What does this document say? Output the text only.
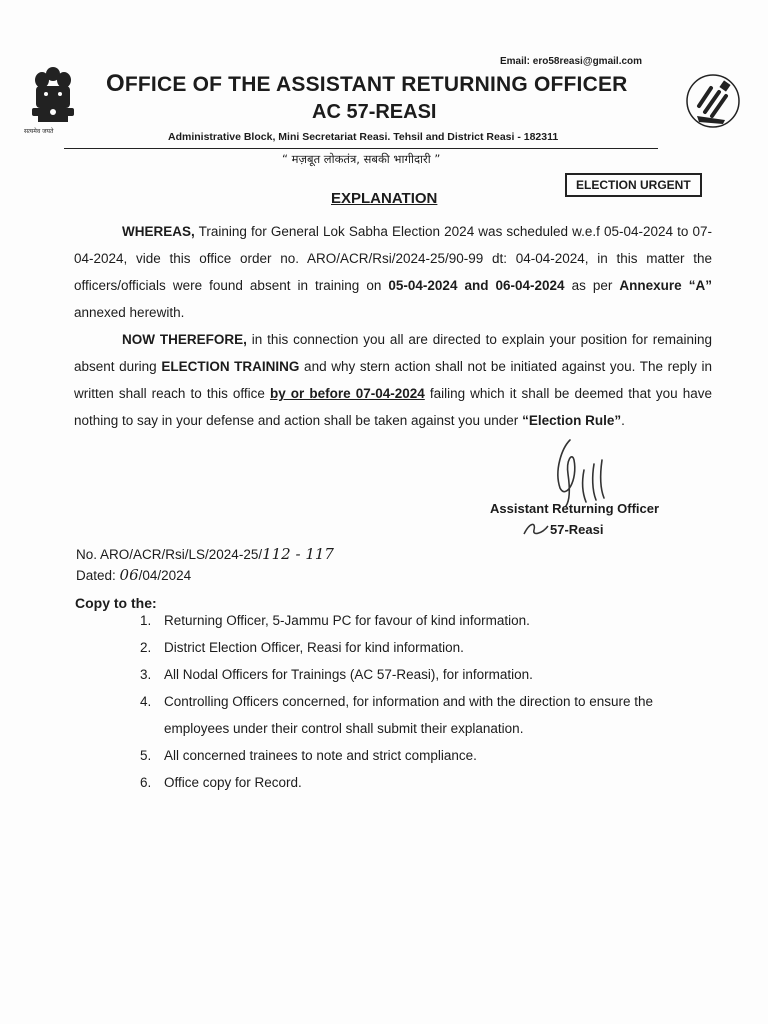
Email: ero58reasi@gmail.com
सत्यमेव जयते
OFFICE OF THE ASSISTANT RETURNING OFFICER
AC 57-REASI
Administrative Block, Mini Secretariat Reasi. Tehsil and District Reasi - 182311
“ मज़बूत लोकतंत्र, सबकी भागीदारी ”
EXPLANATION
ELECTION URGENT

WHEREAS, Training for General Lok Sabha Election 2024 was scheduled w.e.f 05-04-2024 to 07-04-2024, vide this office order no. ARO/ACR/Rsi/2024-25/90-99 dt: 04-04-2024, in this matter the officers/officials were found absent in training on 05-04-2024 and 06-04-2024 as per Annexure “A” annexed herewith.

NOW THEREFORE, in this connection you all are directed to explain your position for remaining absent during ELECTION TRAINING and why stern action shall not be initiated against you. The reply in written shall reach to this office by or before 07-04-2024 failing which it shall be deemed that you have nothing to say in your defense and action shall be taken against you under “Election Rule”.

Assistant Returning Officer
57-Reasi
No. ARO/ACR/Rsi/LS/2024-25/112 - 117
Dated: 06/04/2024
Copy to the:
1. Returning Officer, 5-Jammu PC for favour of kind information.
2. District Election Officer, Reasi for kind information.
3. All Nodal Officers for Trainings (AC 57-Reasi), for information.
4. Controlling Officers concerned, for information and with the direction to ensure the employees under their control shall submit their explanation.
5. All concerned trainees to note and strict compliance.
6. Office copy for Record.
